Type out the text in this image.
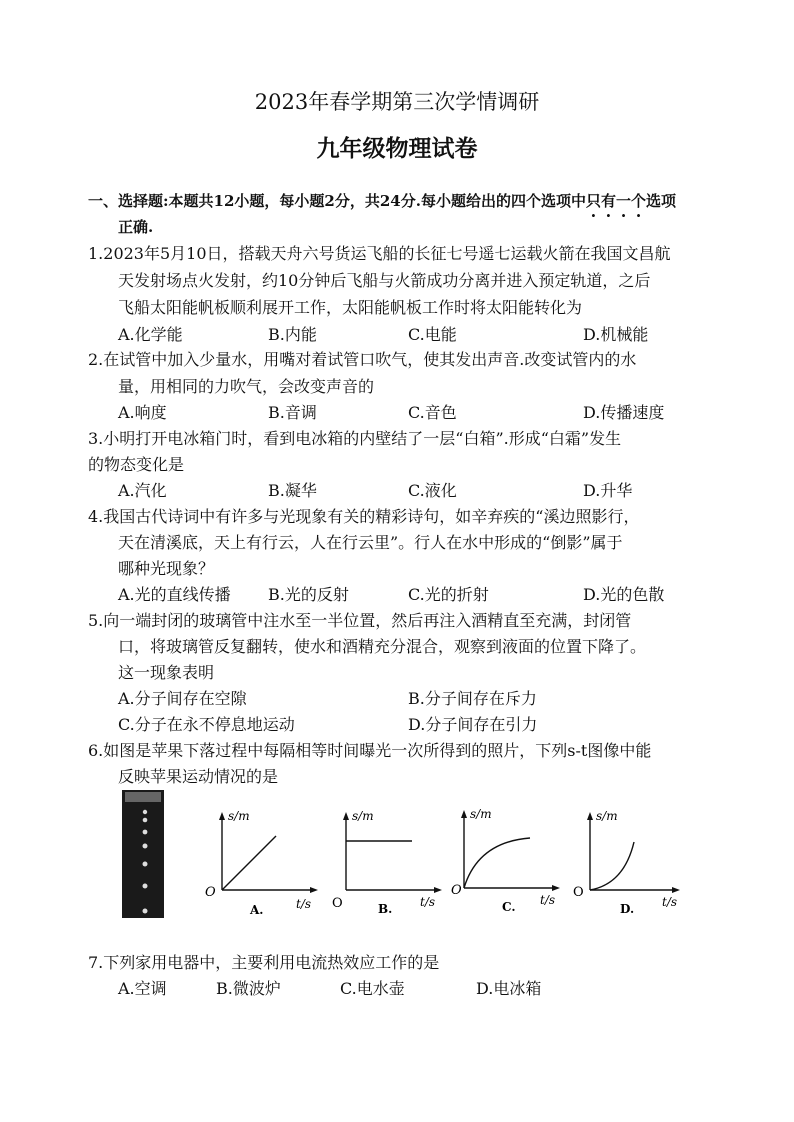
2023年春学期第三次学情调研
九年级物理试卷
一、选择题:本题共12小题，每小题2分，共24分.每小题给出的四个选项中只有一个选项
正确.
1.2023年5月10日，搭载天舟六号货运飞船的长征七号遥七运载火箭在我国文昌航
天发射场点火发射，约10分钟后飞船与火箭成功分离并进入预定轨道，之后
飞船太阳能帆板顺利展开工作，太阳能帆板工作时将太阳能转化为
A.化学能	B.内能	C.电能	D.机械能
2.在试管中加入少量水，用嘴对着试管口吹气，使其发出声音.改变试管内的水
量，用相同的力吹气，会改变声音的
A.响度	B.音调	C.音色	D.传播速度
3.小明打开电冰箱门时，看到电冰箱的内壁结了一层“白箱”.形成“白霜”发生
的物态变化是
A.汽化	B.凝华	C.液化	D.升华
4.我国古代诗词中有许多与光现象有关的精彩诗句，如辛弃疾的“溪边照影行，
天在清溪底，天上有行云，人在行云里”。行人在水中形成的“倒影”属于
哪种光现象？
A.光的直线传播 B.光的反射	C.光的折射	D.光的色散
5.向一端封闭的玻璃管中注水至一半位置，然后再注入酒精直至充满，封闭管
口，将玻璃管反复翻转，使水和酒精充分混合，观察到液面的位置下降了。
这一现象表明
A.分子间存在空隙	B.分子间存在斥力
C.分子在永不停息地运动	D.分子间存在引力
6.如图是苹果下落过程中每隔相等时间曝光一次所得到的照片，下列s-t图像中能
反映苹果运动情况的是
s/m
O
t/s
A.
s/m
O	t/s
B.
s/m
O
t/s
C.
s/m
O
t/s
D.
7.下列家用电器中，主要利用电流热效应工作的是
A.空调	B.微波炉	C.电水壶	D.电冰箱
